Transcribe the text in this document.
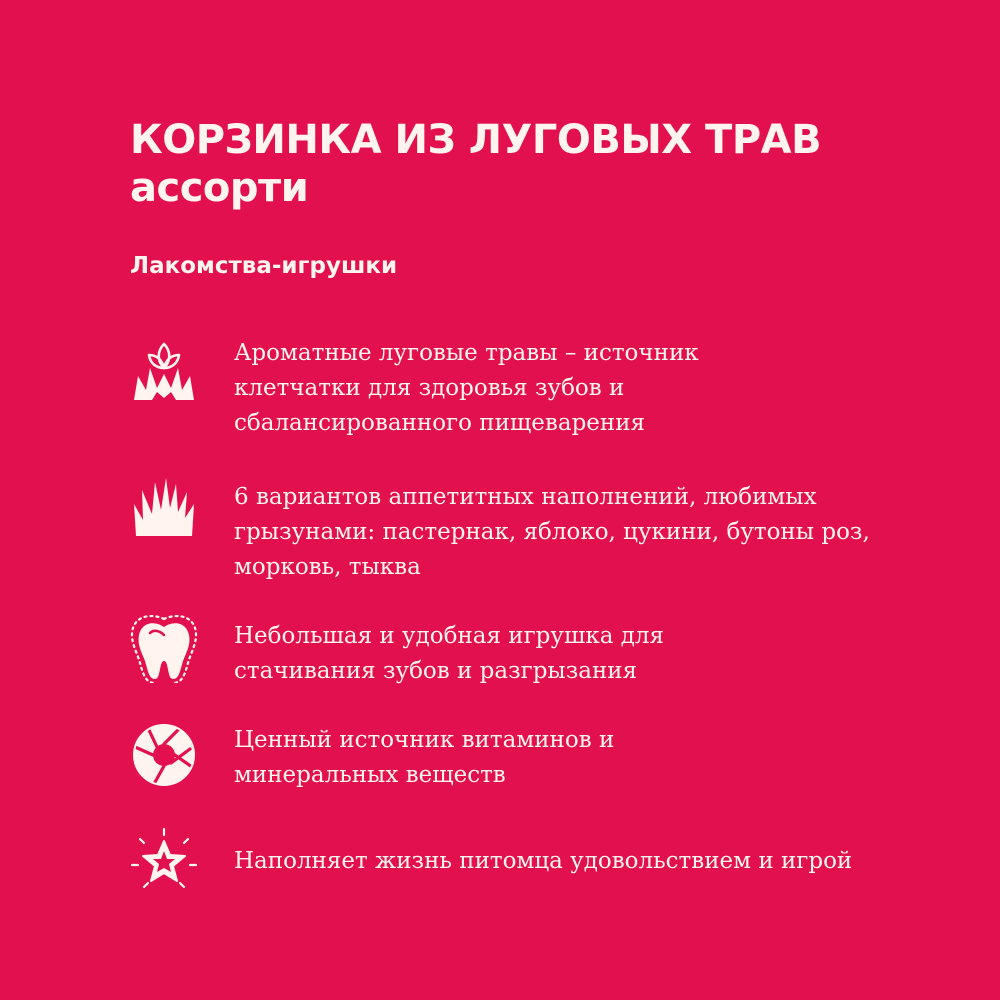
КОРЗИНКА ИЗ ЛУГОВЫХ ТРАВ
ассорти
Лакомства-игрушки
Ароматные луговые травы – источник
клетчатки для здоровья зубов и
сбалансированного пищеварения
6 вариантов аппетитных наполнений, любимых
грызунами: пастернак, яблоко, цукини, бутоны роз,
морковь, тыква
Небольшая и удобная игрушка для
стачивания зубов и разгрызания
Ценный источник витаминов и
минеральных веществ
Наполняет жизнь питомца удовольствием и игрой
